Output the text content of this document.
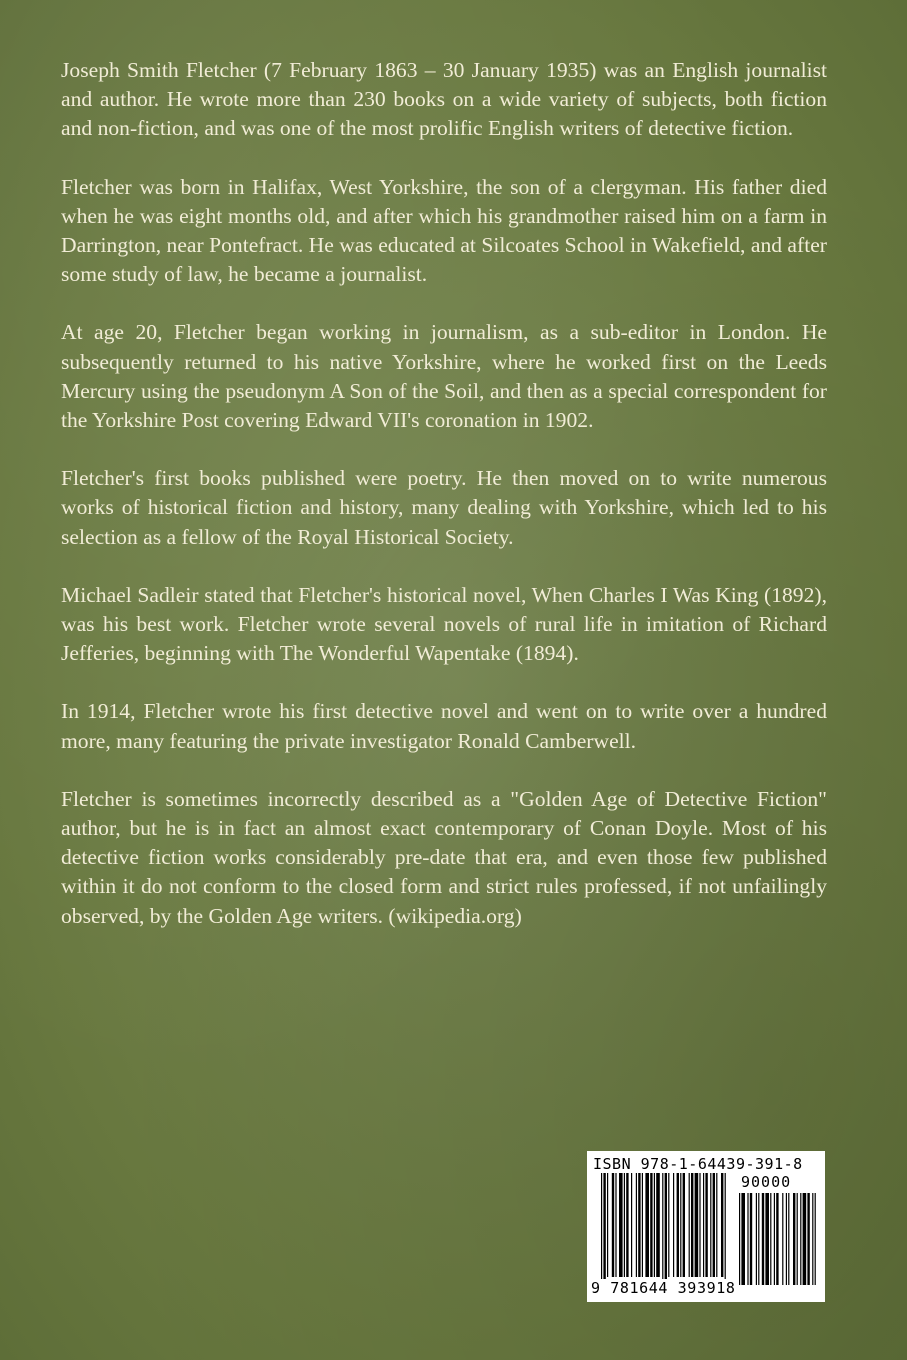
Joseph Smith Fletcher (7 February 1863 – 30 January 1935) was an English journalist and author. He wrote more than 230 books on a wide variety of subjects, both fiction and non-fiction, and was one of the most prolific English writers of detective fiction.

Fletcher was born in Halifax, West Yorkshire, the son of a clergyman. His father died when he was eight months old, and after which his grandmother raised him on a farm in Darrington, near Pontefract. He was educated at Silcoates School in Wakefield, and after some study of law, he became a journalist.

At age 20, Fletcher began working in journalism, as a sub-editor in London. He subsequently returned to his native Yorkshire, where he worked first on the Leeds Mercury using the pseudonym A Son of the Soil, and then as a special correspondent for the Yorkshire Post covering Edward VII's coronation in 1902.

Fletcher's first books published were poetry. He then moved on to write numerous works of historical fiction and history, many dealing with Yorkshire, which led to his selection as a fellow of the Royal Historical Society.

Michael Sadleir stated that Fletcher's historical novel, When Charles I Was King (1892), was his best work. Fletcher wrote several novels of rural life in imitation of Richard Jefferies, beginning with The Wonderful Wapentake (1894).

In 1914, Fletcher wrote his first detective novel and went on to write over a hundred more, many featuring the private investigator Ronald Camberwell.

Fletcher is sometimes incorrectly described as a "Golden Age of Detective Fiction" author, but he is in fact an almost exact contemporary of Conan Doyle. Most of his detective fiction works considerably pre-date that era, and even those few published within it do not conform to the closed form and strict rules professed, if not unfailingly observed, by the Golden Age writers. (wikipedia.org)

ISBN 978-1-64439-391-8
90000
9 781644 393918
